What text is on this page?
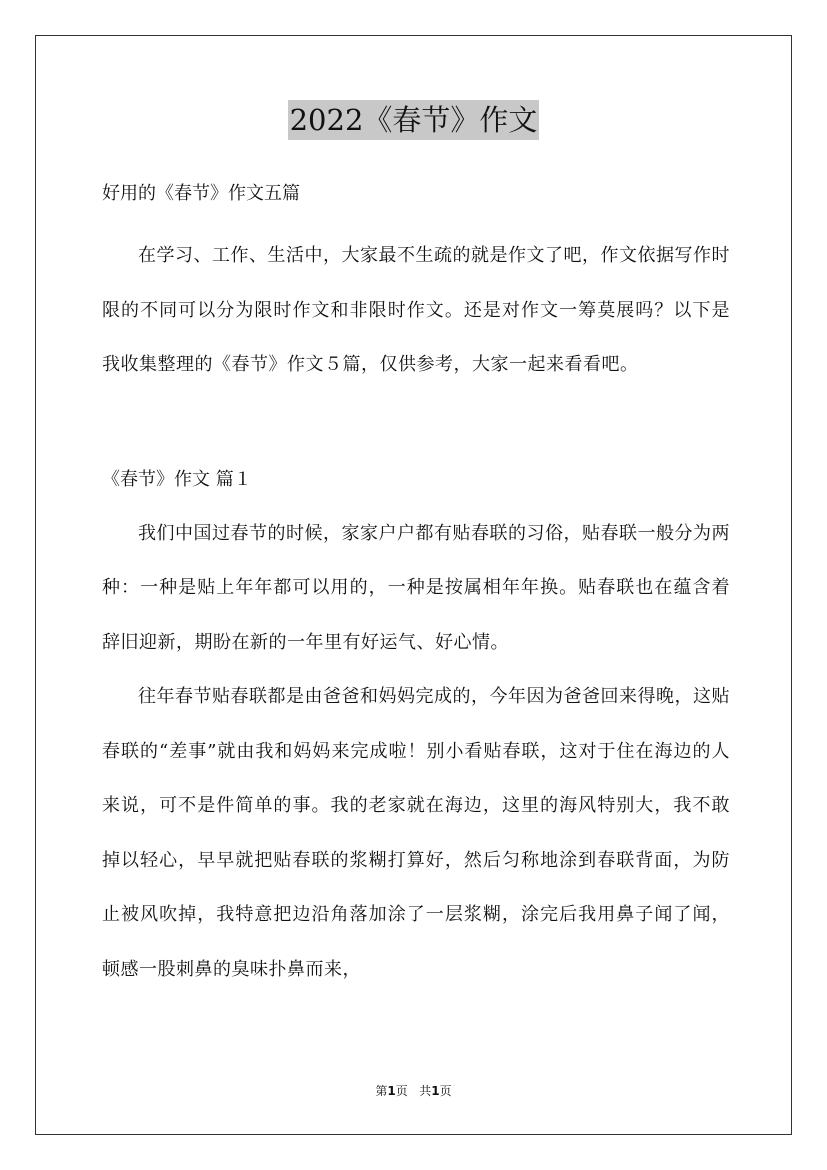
2022《春节》作文

好用的《春节》作文五篇

在学习、工作、生活中，大家最不生疏的就是作文了吧，作文依据写作时限的不同可以分为限时作文和非限时作文。还是对作文一筹莫展吗？以下是我收集整理的《春节》作文５篇，仅供参考，大家一起来看看吧。

《春节》作文 篇１

我们中国过春节的时候，家家户户都有贴春联的习俗，贴春联一般分为两种：一种是贴上年年都可以用的，一种是按属相年年换。贴春联也在蕴含着辞旧迎新，期盼在新的一年里有好运气、好心情。

往年春节贴春联都是由爸爸和妈妈完成的，今年因为爸爸回来得晚，这贴春联的“差事”就由我和妈妈来完成啦！别小看贴春联，这对于住在海边的人来说，可不是件简单的事。我的老家就在海边，这里的海风特别大，我不敢掉以轻心，早早就把贴春联的浆糊打算好，然后匀称地涂到春联背面，为防止被风吹掉，我特意把边沿角落加涂了一层浆糊，涂完后我用鼻子闻了闻，顿感一股刺鼻的臭味扑鼻而来，

第1页   共1页
